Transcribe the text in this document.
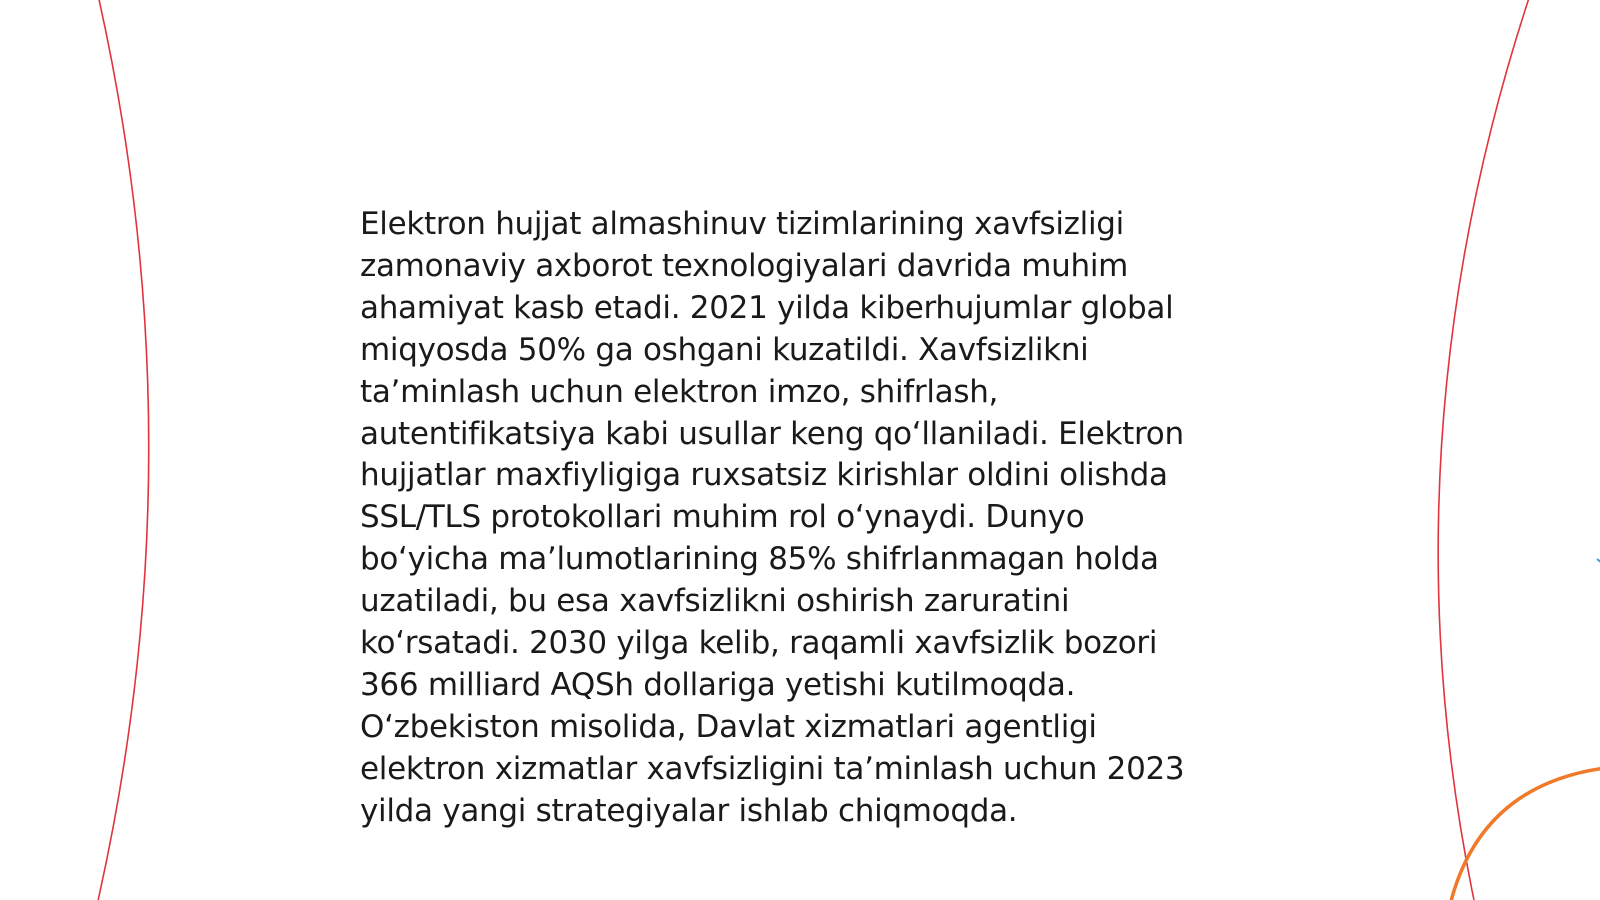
Elektron hujjat almashinuv tizimlarining xavfsizligi
zamonaviy axborot texnologiyalari davrida muhim
ahamiyat kasb etadi. 2021 yilda kiberhujumlar global
miqyosda 50% ga oshgani kuzatildi. Xavfsizlikni
ta’minlash uchun elektron imzo, shifrlash,
autentifikatsiya kabi usullar keng qo‘llaniladi. Elektron
hujjatlar maxfiyligiga ruxsatsiz kirishlar oldini olishda
SSL/TLS protokollari muhim rol o‘ynaydi. Dunyo
bo‘yicha ma’lumotlarining 85% shifrlanmagan holda
uzatiladi, bu esa xavfsizlikni oshirish zaruratini
ko‘rsatadi. 2030 yilga kelib, raqamli xavfsizlik bozori
366 milliard AQSh dollariga yetishi kutilmoqda.
O‘zbekiston misolida, Davlat xizmatlari agentligi
elektron xizmatlar xavfsizligini ta’minlash uchun 2023
yilda yangi strategiyalar ishlab chiqmoqda.
